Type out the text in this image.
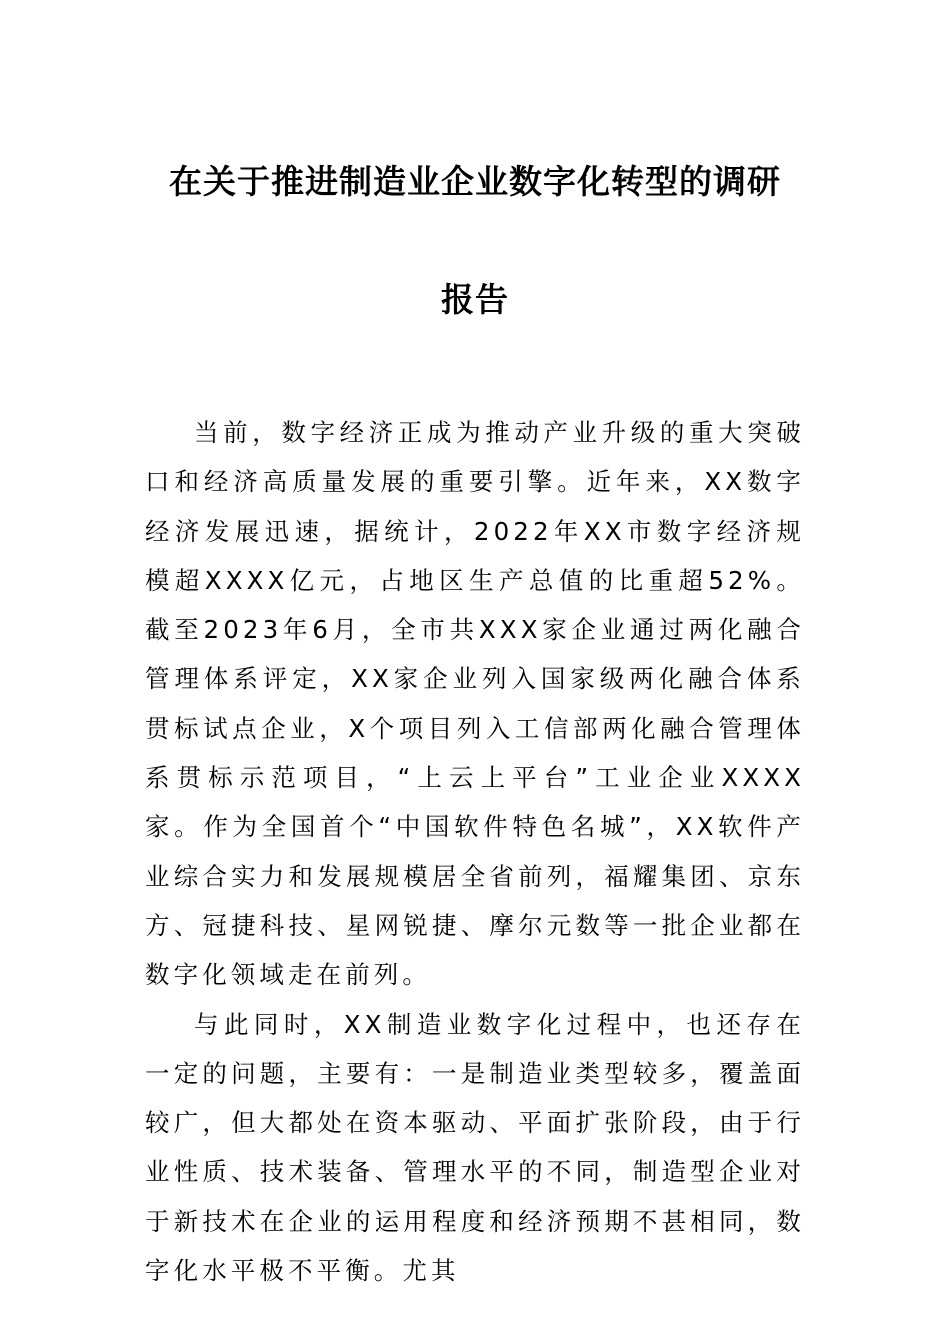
在关于推进制造业企业数字化转型的调研
报告

当前，数字经济正成为推动产业升级的重大突破口和经济高质量发展的重要引擎。近年来，XX数字经济发展迅速，据统计，2022年XX市数字经济规模超XXXX亿元，占地区生产总值的比重超52%。截至2023年6月，全市共XXX家企业通过两化融合管理体系评定，XX家企业列入国家级两化融合体系贯标试点企业，X个项目列入工信部两化融合管理体系贯标示范项目，“上云上平台”工业企业XXXX家。作为全国首个“中国软件特色名城”，XX软件产业综合实力和发展规模居全省前列，福耀集团、京东方、冠捷科技、星网锐捷、摩尔元数等一批企业都在数字化领域走在前列。

与此同时，XX制造业数字化过程中，也还存在一定的问题，主要有：一是制造业类型较多，覆盖面较广，但大都处在资本驱动、平面扩张阶段，由于行业性质、技术装备、管理水平的不同，制造型企业对于新技术在企业的运用程度和经济预期不甚相同，数字化水平极不平衡。尤其
